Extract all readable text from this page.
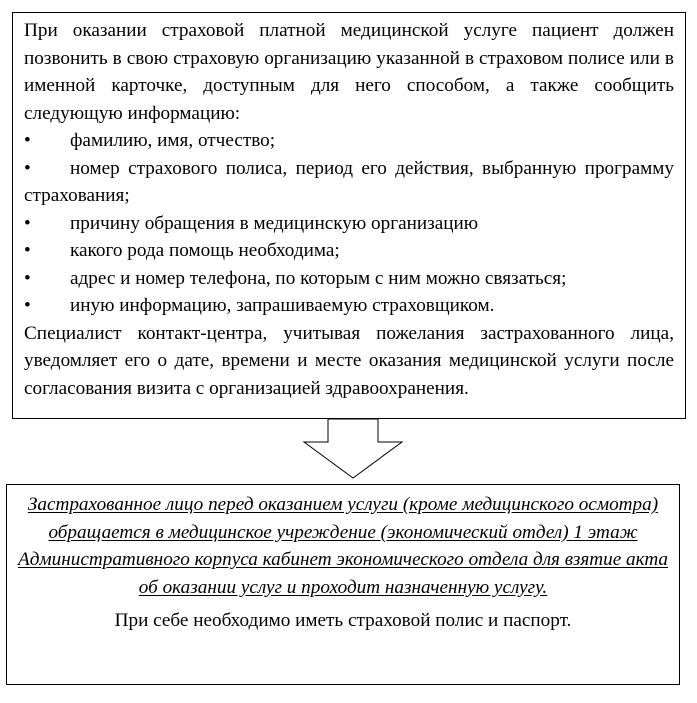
При оказании страховой платной медицинской услуге пациент должен позвонить в свою страховую организацию указанной в страховом полисе или в именной карточке, доступным для него способом, а также сообщить следующую информацию:

•	фамилию, имя, отчество;
•	номер страхового полиса, период его действия, выбранную программу страхования;
•	причину обращения в медицинскую организацию
•	какого рода помощь необходима;
•	адрес и номер телефона, по которым с ним можно связаться;
•	иную информацию, запрашиваемую страховщиком.

Специалист контакт-центра, учитывая пожелания застрахованного лица, уведомляет его о дате, времени и месте оказания медицинской услуги после согласования визита с организацией здравоохранения.

Застрахованное лицо перед оказанием услуги (кроме медицинского осмотра) обращается в медицинское учреждение (экономический отдел) 1 этаж Административного корпуса кабинет экономического отдела для взятие акта об оказании услуг и проходит назначенную услугу.

При себе необходимо иметь страховой полис и паспорт.
